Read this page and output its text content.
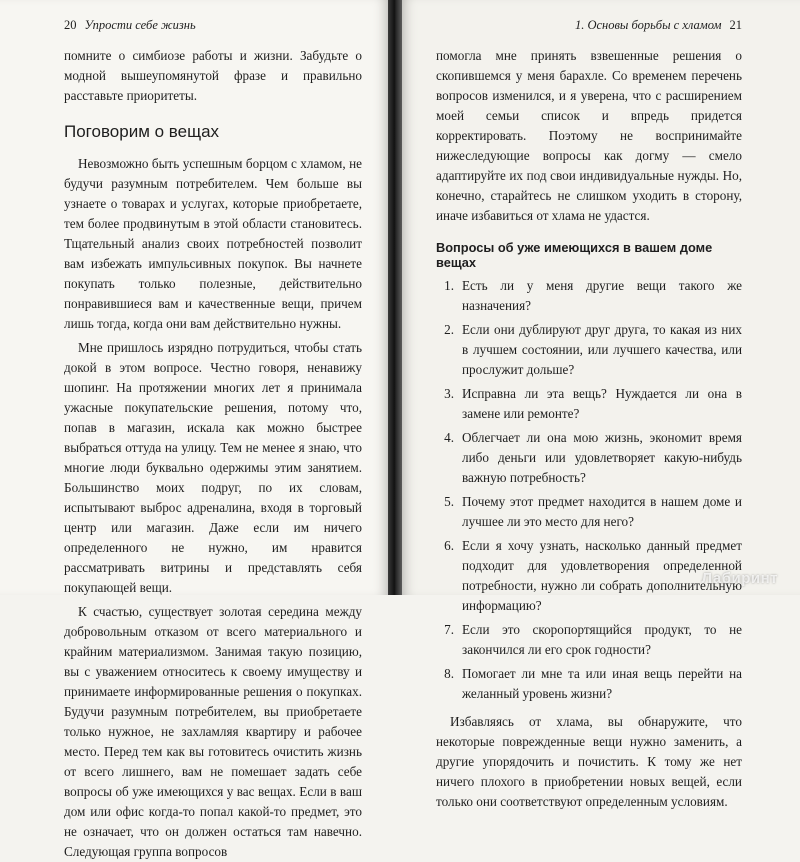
20 Упрости себе жизнь

помните о симбиозе работы и жизни. Забудьте о модной вышеупомянутой фразе и правильно расставьте приоритеты.

Поговорим о вещах

Невозможно быть успешным борцом с хламом, не будучи разумным потребителем. Чем больше вы узнаете о товарах и услугах, которые приобретаете, тем более продвинутым в этой области становитесь. Тщательный анализ своих потребностей позволит вам избежать импульсивных покупок. Вы начнете покупать только полезные, действительно понравившиеся вам и качественные вещи, причем лишь тогда, когда они вам действительно нужны.

Мне пришлось изрядно потрудиться, чтобы стать докой в этом вопросе. Честно говоря, ненавижу шопинг. На протяжении многих лет я принимала ужасные покупательские решения, потому что, попав в магазин, искала как можно быстрее выбраться оттуда на улицу. Тем не менее я знаю, что многие люди буквально одержимы этим занятием. Большинство моих подруг, по их словам, испытывают выброс адреналина, входя в торговый центр или магазин. Даже если им ничего определенного не нужно, им нравится рассматривать витрины и представлять себя покупающей вещи.

К счастью, существует золотая середина между добровольным отказом от всего материального и крайним материализмом. Занимая такую позицию, вы с уважением относитесь к своему имуществу и принимаете информированные решения о покупках. Будучи разумным потребителем, вы приобретаете только нужное, не захламляя квартиру и рабочее место. Перед тем как вы готовитесь очистить жизнь от всего лишнего, вам не помешает задать себе вопросы об уже имеющихся у вас вещах. Если в ваш дом или офис когда-то попал какой-то предмет, это не означает, что он должен остаться там навечно. Следующая группа вопросов

1. Основы борьбы с хламом 21

помогла мне принять взвешенные решения о скопившемся у меня барахле. Со временем перечень вопросов изменился, и я уверена, что с расширением моей семьи список и впредь придется корректировать. Поэтому не воспринимайте нижеследующие вопросы как догму — смело адаптируйте их под свои индивидуальные нужды. Но, конечно, старайтесь не слишком уходить в сторону, иначе избавиться от хлама не удастся.

Вопросы об уже имеющихся в вашем доме вещах
1. Есть ли у меня другие вещи такого же назначения?
2. Если они дублируют друг друга, то какая из них в лучшем состоянии, или лучшего качества, или прослужит дольше?
3. Исправна ли эта вещь? Нуждается ли она в замене или ремонте?
4. Облегчает ли она мою жизнь, экономит время либо деньги или удовлетворяет какую-нибудь важную потребность?
5. Почему этот предмет находится в нашем доме и лучшее ли это место для него?
6. Если я хочу узнать, насколько данный предмет подходит для удовлетворения определенной потребности, нужно ли собрать дополнительную информацию?
7. Если это скоропортящийся продукт, то не закончился ли его срок годности?
8. Помогает ли мне та или иная вещь перейти на желанный уровень жизни?

Избавляясь от хлама, вы обнаружите, что некоторые поврежденные вещи нужно заменить, а другие упорядочить и почистить. К тому же нет ничего плохого в приобретении новых вещей, если только они соответствуют определенным условиям.

Лабиринт
